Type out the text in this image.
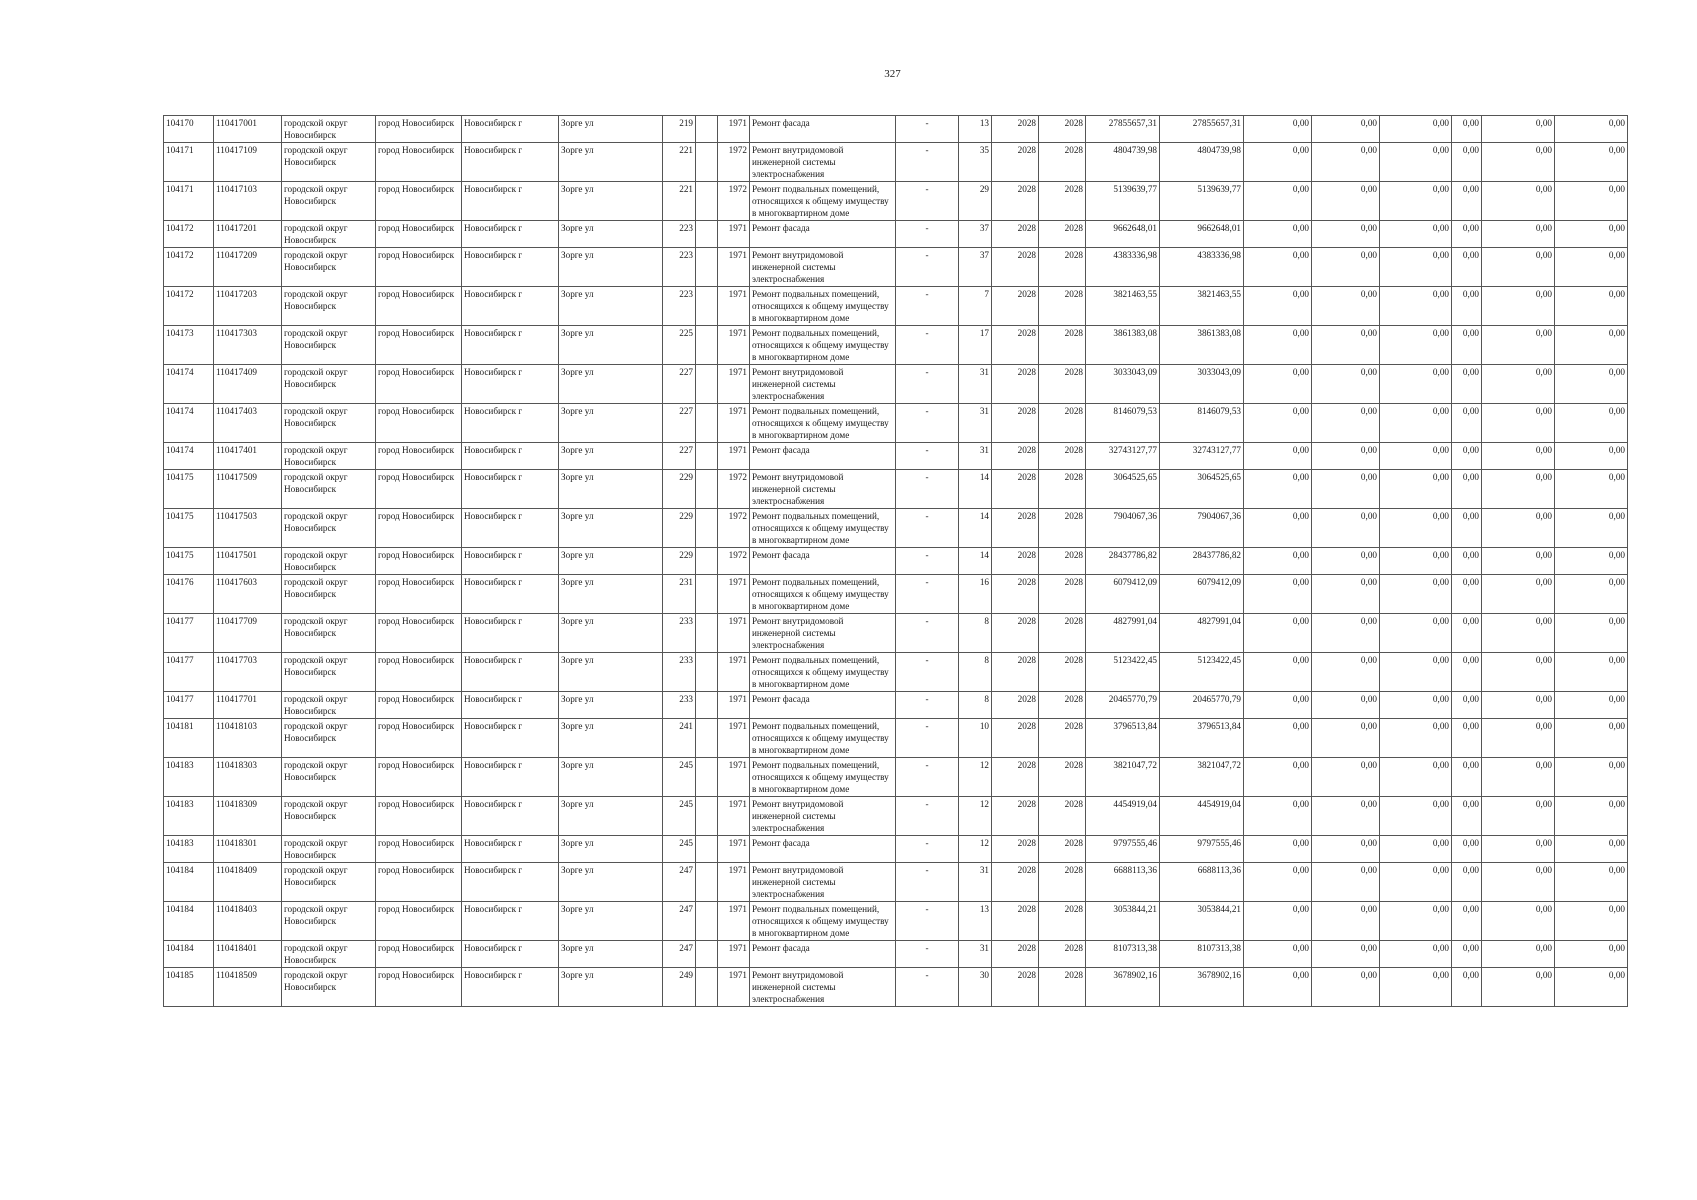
327
104170	110417001	городской округ Новосибирск	город Новосибирск	Новосибирск г	Зорге ул	219		1971	Ремонт фасада	-	13	2028	2028	27855657,31	27855657,31	0,00	0,00	0,00	0,00	0,00	0,00
104171	110417109	городской округ Новосибирск	город Новосибирск	Новосибирск г	Зорге ул	221		1972	Ремонт внутридомовой инженерной системы электроснабжения	-	35	2028	2028	4804739,98	4804739,98	0,00	0,00	0,00	0,00	0,00	0,00
104171	110417103	городской округ Новосибирск	город Новосибирск	Новосибирск г	Зорге ул	221		1972	Ремонт подвальных помещений, относящихся к общему имуществу в многоквартирном доме	-	29	2028	2028	5139639,77	5139639,77	0,00	0,00	0,00	0,00	0,00	0,00
104172	110417201	городской округ Новосибирск	город Новосибирск	Новосибирск г	Зорге ул	223		1971	Ремонт фасада	-	37	2028	2028	9662648,01	9662648,01	0,00	0,00	0,00	0,00	0,00	0,00
104172	110417209	городской округ Новосибирск	город Новосибирск	Новосибирск г	Зорге ул	223		1971	Ремонт внутридомовой инженерной системы электроснабжения	-	37	2028	2028	4383336,98	4383336,98	0,00	0,00	0,00	0,00	0,00	0,00
104172	110417203	городской округ Новосибирск	город Новосибирск	Новосибирск г	Зорге ул	223		1971	Ремонт подвальных помещений, относящихся к общему имуществу в многоквартирном доме	-	7	2028	2028	3821463,55	3821463,55	0,00	0,00	0,00	0,00	0,00	0,00
104173	110417303	городской округ Новосибирск	город Новосибирск	Новосибирск г	Зорге ул	225		1971	Ремонт подвальных помещений, относящихся к общему имуществу в многоквартирном доме	-	17	2028	2028	3861383,08	3861383,08	0,00	0,00	0,00	0,00	0,00	0,00
104174	110417409	городской округ Новосибирск	город Новосибирск	Новосибирск г	Зорге ул	227		1971	Ремонт внутридомовой инженерной системы электроснабжения	-	31	2028	2028	3033043,09	3033043,09	0,00	0,00	0,00	0,00	0,00	0,00
104174	110417403	городской округ Новосибирск	город Новосибирск	Новосибирск г	Зорге ул	227		1971	Ремонт подвальных помещений, относящихся к общему имуществу в многоквартирном доме	-	31	2028	2028	8146079,53	8146079,53	0,00	0,00	0,00	0,00	0,00	0,00
104174	110417401	городской округ Новосибирск	город Новосибирск	Новосибирск г	Зорге ул	227		1971	Ремонт фасада	-	31	2028	2028	32743127,77	32743127,77	0,00	0,00	0,00	0,00	0,00	0,00
104175	110417509	городской округ Новосибирск	город Новосибирск	Новосибирск г	Зорге ул	229		1972	Ремонт внутридомовой инженерной системы электроснабжения	-	14	2028	2028	3064525,65	3064525,65	0,00	0,00	0,00	0,00	0,00	0,00
104175	110417503	городской округ Новосибирск	город Новосибирск	Новосибирск г	Зорге ул	229		1972	Ремонт подвальных помещений, относящихся к общему имуществу в многоквартирном доме	-	14	2028	2028	7904067,36	7904067,36	0,00	0,00	0,00	0,00	0,00	0,00
104175	110417501	городской округ Новосибирск	город Новосибирск	Новосибирск г	Зорге ул	229		1972	Ремонт фасада	-	14	2028	2028	28437786,82	28437786,82	0,00	0,00	0,00	0,00	0,00	0,00
104176	110417603	городской округ Новосибирск	город Новосибирск	Новосибирск г	Зорге ул	231		1971	Ремонт подвальных помещений, относящихся к общему имуществу в многоквартирном доме	-	16	2028	2028	6079412,09	6079412,09	0,00	0,00	0,00	0,00	0,00	0,00
104177	110417709	городской округ Новосибирск	город Новосибирск	Новосибирск г	Зорге ул	233		1971	Ремонт внутридомовой инженерной системы электроснабжения	-	8	2028	2028	4827991,04	4827991,04	0,00	0,00	0,00	0,00	0,00	0,00
104177	110417703	городской округ Новосибирск	город Новосибирск	Новосибирск г	Зорге ул	233		1971	Ремонт подвальных помещений, относящихся к общему имуществу в многоквартирном доме	-	8	2028	2028	5123422,45	5123422,45	0,00	0,00	0,00	0,00	0,00	0,00
104177	110417701	городской округ Новосибирск	город Новосибирск	Новосибирск г	Зорге ул	233		1971	Ремонт фасада	-	8	2028	2028	20465770,79	20465770,79	0,00	0,00	0,00	0,00	0,00	0,00
104181	110418103	городской округ Новосибирск	город Новосибирск	Новосибирск г	Зорге ул	241		1971	Ремонт подвальных помещений, относящихся к общему имуществу в многоквартирном доме	-	10	2028	2028	3796513,84	3796513,84	0,00	0,00	0,00	0,00	0,00	0,00
104183	110418303	городской округ Новосибирск	город Новосибирск	Новосибирск г	Зорге ул	245		1971	Ремонт подвальных помещений, относящихся к общему имуществу в многоквартирном доме	-	12	2028	2028	3821047,72	3821047,72	0,00	0,00	0,00	0,00	0,00	0,00
104183	110418309	городской округ Новосибирск	город Новосибирск	Новосибирск г	Зорге ул	245		1971	Ремонт внутридомовой инженерной системы электроснабжения	-	12	2028	2028	4454919,04	4454919,04	0,00	0,00	0,00	0,00	0,00	0,00
104183	110418301	городской округ Новосибирск	город Новосибирск	Новосибирск г	Зорге ул	245		1971	Ремонт фасада	-	12	2028	2028	9797555,46	9797555,46	0,00	0,00	0,00	0,00	0,00	0,00
104184	110418409	городской округ Новосибирск	город Новосибирск	Новосибирск г	Зорге ул	247		1971	Ремонт внутридомовой инженерной системы электроснабжения	-	31	2028	2028	6688113,36	6688113,36	0,00	0,00	0,00	0,00	0,00	0,00
104184	110418403	городской округ Новосибирск	город Новосибирск	Новосибирск г	Зорге ул	247		1971	Ремонт подвальных помещений, относящихся к общему имуществу в многоквартирном доме	-	13	2028	2028	3053844,21	3053844,21	0,00	0,00	0,00	0,00	0,00	0,00
104184	110418401	городской округ Новосибирск	город Новосибирск	Новосибирск г	Зорге ул	247		1971	Ремонт фасада	-	31	2028	2028	8107313,38	8107313,38	0,00	0,00	0,00	0,00	0,00	0,00
104185	110418509	городской округ Новосибирск	город Новосибирск	Новосибирск г	Зорге ул	249		1971	Ремонт внутридомовой инженерной системы электроснабжения	-	30	2028	2028	3678902,16	3678902,16	0,00	0,00	0,00	0,00	0,00	0,00
